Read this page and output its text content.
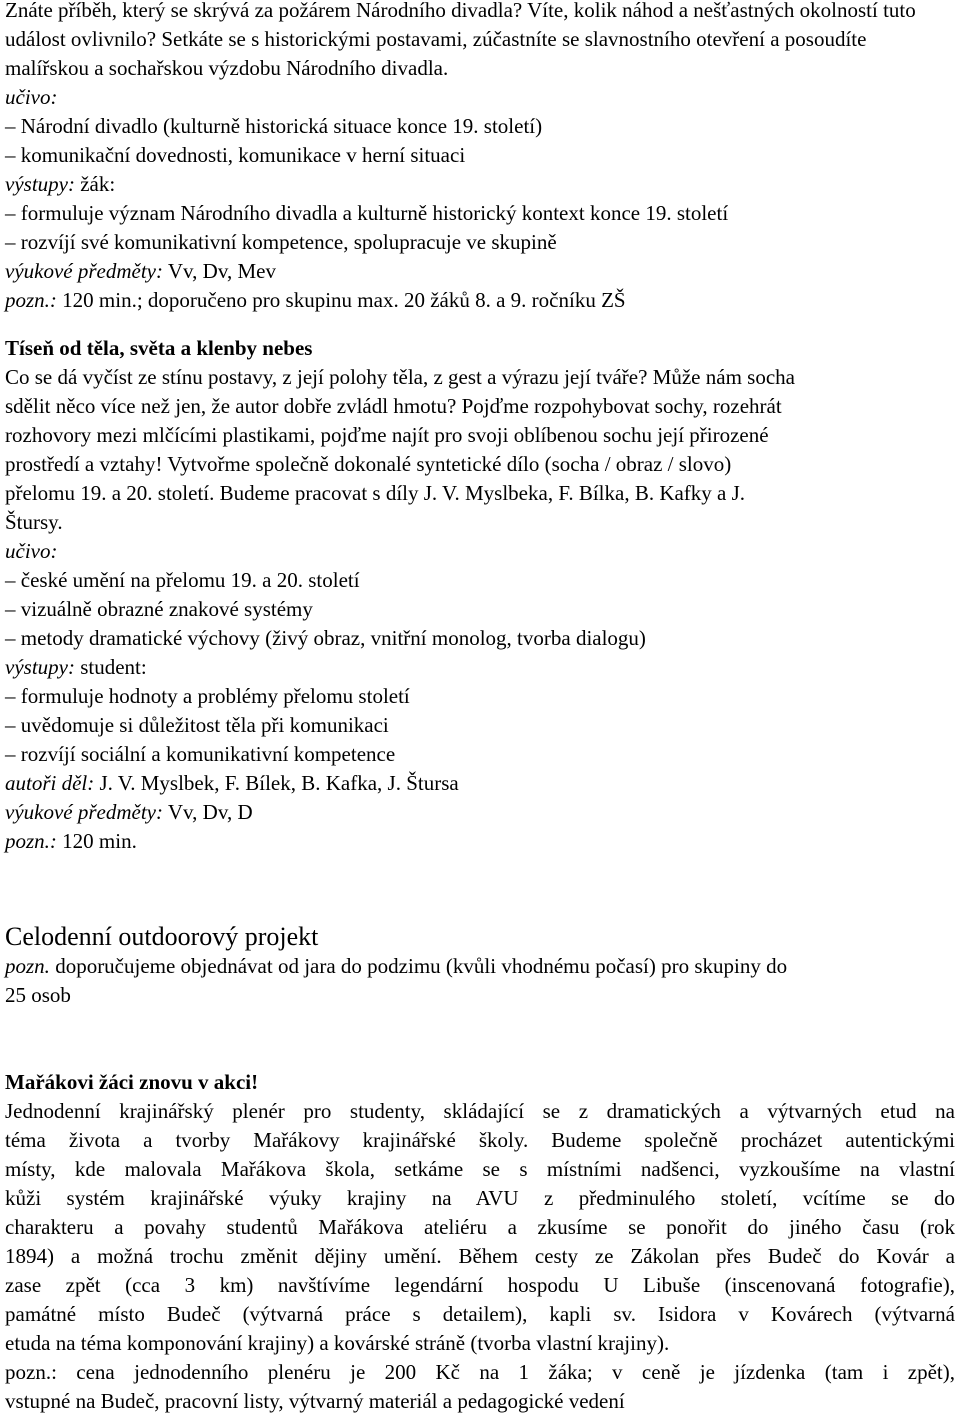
Znáte příběh, který se skrývá za požárem Národního divadla? Víte, kolik náhod a nešťastných okolností tuto událost ovlivnilo? Setkáte se s historickými postavami, zúčastníte se slavnostního otevření a posoudíte malířskou a sochařskou výzdobu Národního divadla.

učivo:

– Národní divadlo (kulturně historická situace konce 19. století)

– komunikační dovednosti, komunikace v herní situaci

výstupy: žák:

– formuluje význam Národního divadla a kulturně historický kontext konce 19. století

– rozvíjí své komunikativní kompetence, spolupracuje ve skupině

výukové předměty: Vv, Dv, Mev

pozn.: 120 min.; doporučeno pro skupinu max. 20 žáků 8. a 9. ročníku ZŠ

Tíseň od těla, světa a klenby nebes

Co se dá vyčíst ze stínu postavy, z její polohy těla, z gest a výrazu její tváře? Může nám socha

sdělit něco více než jen, že autor dobře zvládl hmotu? Pojďme rozpohybovat sochy, rozehrát

rozhovory mezi mlčícími plastikami, pojďme najít pro svoji oblíbenou sochu její přirozené

prostředí a vztahy! Vytvořme společně dokonalé syntetické dílo (socha / obraz / slovo)

přelomu 19. a 20. století. Budeme pracovat s díly J. V. Myslbeka, F. Bílka, B. Kafky a J.

Štursy.

učivo:

– české umění na přelomu 19. a 20. století

– vizuálně obrazné znakové systémy

– metody dramatické výchovy (živý obraz, vnitřní monolog, tvorba dialogu)

výstupy: student:

– formuluje hodnoty a problémy přelomu století

– uvědomuje si důležitost těla při komunikaci

– rozvíjí sociální a komunikativní kompetence

autoři děl: J. V. Myslbek, F. Bílek, B. Kafka, J. Štursa

výukové předměty: Vv, Dv, D

pozn.: 120 min.

Celodenní outdoorový projekt

pozn. doporučujeme objednávat od jara do podzimu (kvůli vhodnému počasí) pro skupiny do

25 osob

Mařákovi žáci znovu v akci!

Jednodenní krajinářský plenér pro studenty, skládající se z dramatických a výtvarných etud na

téma života a tvorby Mařákovy krajinářské školy. Budeme společně procházet autentickými

místy, kde malovala Mařákova škola, setkáme se s místními nadšenci, vyzkoušíme na vlastní

kůži systém krajinářské výuky krajiny na AVU z předminulého století, vcítíme se do

charakteru a povahy studentů Mařákova ateliéru a zkusíme se ponořit do jiného času (rok

1894) a možná trochu změnit dějiny umění. Během cesty ze Zákolan přes Budeč do Kovár a

zase zpět (cca 3 km) navštívíme legendární hospodu U Libuše (inscenovaná fotografie),

památné místo Budeč (výtvarná práce s detailem), kapli sv. Isidora v Kovárech (výtvarná

etuda na téma komponování krajiny) a kovárské stráně (tvorba vlastní krajiny).

pozn.: cena jednodenního plenéru je 200 Kč na 1 žáka; v ceně je jízdenka (tam i zpět),

vstupné na Budeč, pracovní listy, výtvarný materiál a pedagogické vedení
